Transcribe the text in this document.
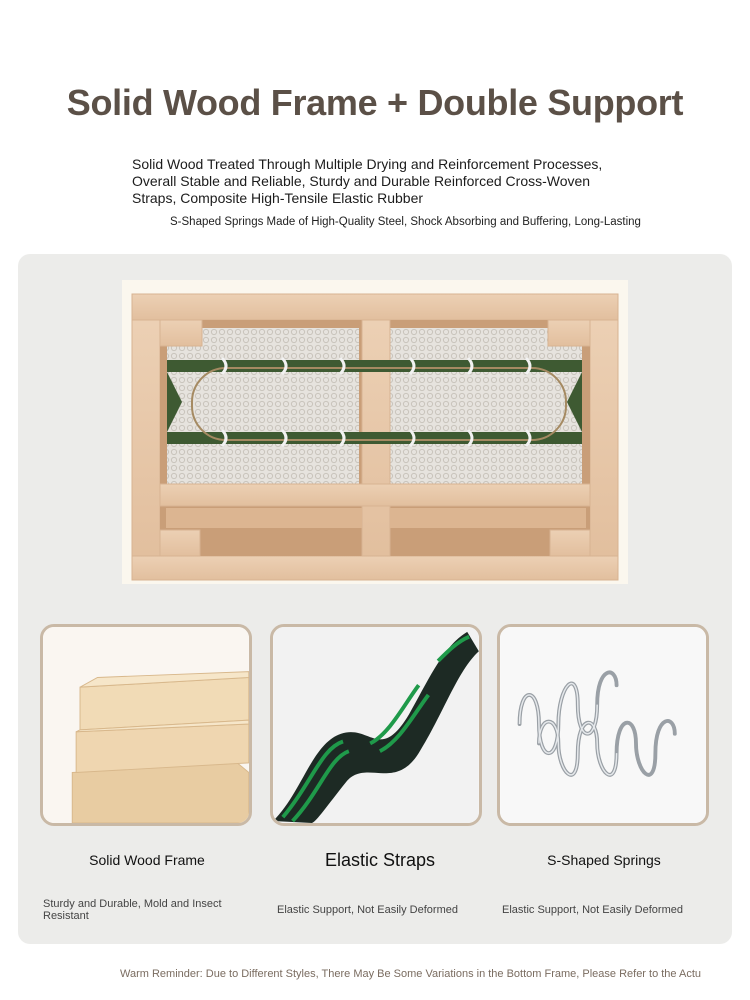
Solid Wood Frame + Double Support
Solid Wood Treated Through Multiple Drying and Reinforcement Processes, Overall Stable and Reliable, Sturdy and Durable Reinforced Cross-Woven Straps, Composite High-Tensile Elastic Rubber
S-Shaped Springs Made of High-Quality Steel, Shock Absorbing and Buffering, Long-Lasting
Solid Wood Frame	Elastic Straps	S-Shaped Springs
Sturdy and Durable, Mold and Insect Resistant	Elastic Support, Not Easily Deformed	Elastic Support, Not Easily Deformed
Warm Reminder: Due to Different Styles, There May Be Some Variations in the Bottom Frame, Please Refer to the Actu
